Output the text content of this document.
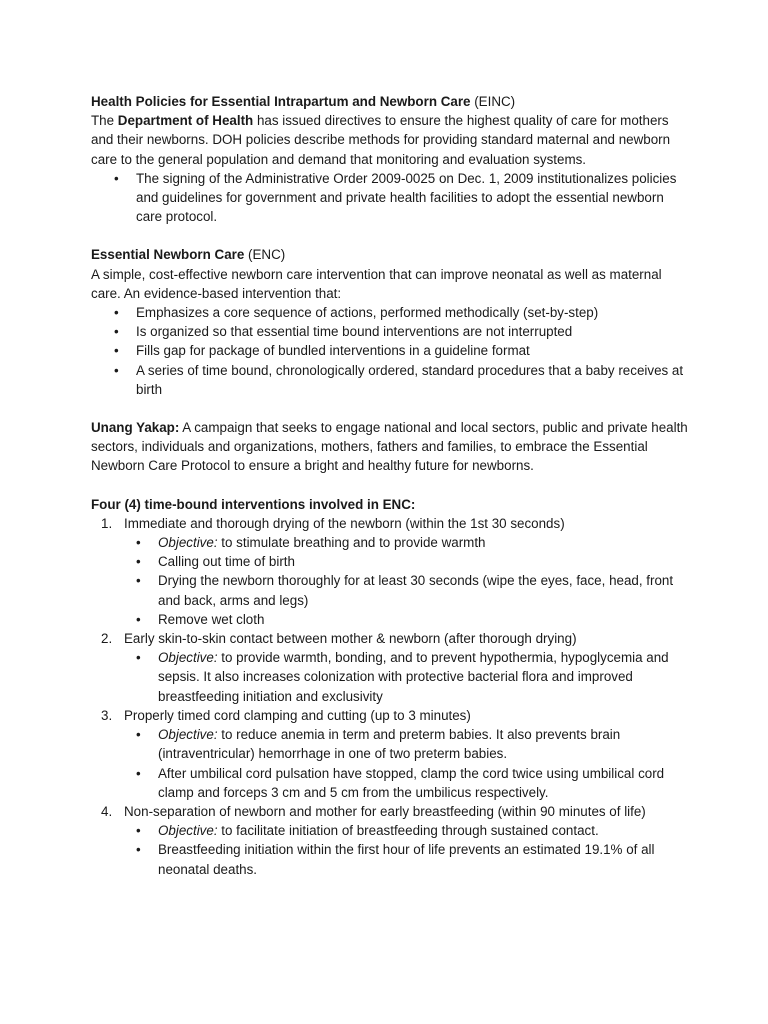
Health Policies for Essential Intrapartum and Newborn Care (EINC)

The Department of Health has issued directives to ensure the highest quality of care for mothers and their newborns. DOH policies describe methods for providing standard maternal and newborn care to the general population and demand that monitoring and evaluation systems.

• The signing of the Administrative Order 2009-0025 on Dec. 1, 2009 institutionalizes policies and guidelines for government and private health facilities to adopt the essential newborn care protocol.

Essential Newborn Care (ENC)

A simple, cost-effective newborn care intervention that can improve neonatal as well as maternal care. An evidence-based intervention that:

• Emphasizes a core sequence of actions, performed methodically (set-by-step)
• Is organized so that essential time bound interventions are not interrupted
• Fills gap for package of bundled interventions in a guideline format
• A series of time bound, chronologically ordered, standard procedures that a baby receives at birth

Unang Yakap: A campaign that seeks to engage national and local sectors, public and private health sectors, individuals and organizations, mothers, fathers and families, to embrace the Essential Newborn Care Protocol to ensure a bright and healthy future for newborns.

Four (4) time-bound interventions involved in ENC:

1. Immediate and thorough drying of the newborn (within the 1st 30 seconds)
• Objective: to stimulate breathing and to provide warmth
• Calling out time of birth
• Drying the newborn thoroughly for at least 30 seconds (wipe the eyes, face, head, front and back, arms and legs)
• Remove wet cloth
2. Early skin-to-skin contact between mother & newborn (after thorough drying)
• Objective: to provide warmth, bonding, and to prevent hypothermia, hypoglycemia and sepsis. It also increases colonization with protective bacterial flora and improved breastfeeding initiation and exclusivity
3. Properly timed cord clamping and cutting (up to 3 minutes)
• Objective: to reduce anemia in term and preterm babies. It also prevents brain (intraventricular) hemorrhage in one of two preterm babies.
• After umbilical cord pulsation have stopped, clamp the cord twice using umbilical cord clamp and forceps 3 cm and 5 cm from the umbilicus respectively.
4. Non-separation of newborn and mother for early breastfeeding (within 90 minutes of life)
• Objective: to facilitate initiation of breastfeeding through sustained contact.
• Breastfeeding initiation within the first hour of life prevents an estimated 19.1% of all neonatal deaths.
